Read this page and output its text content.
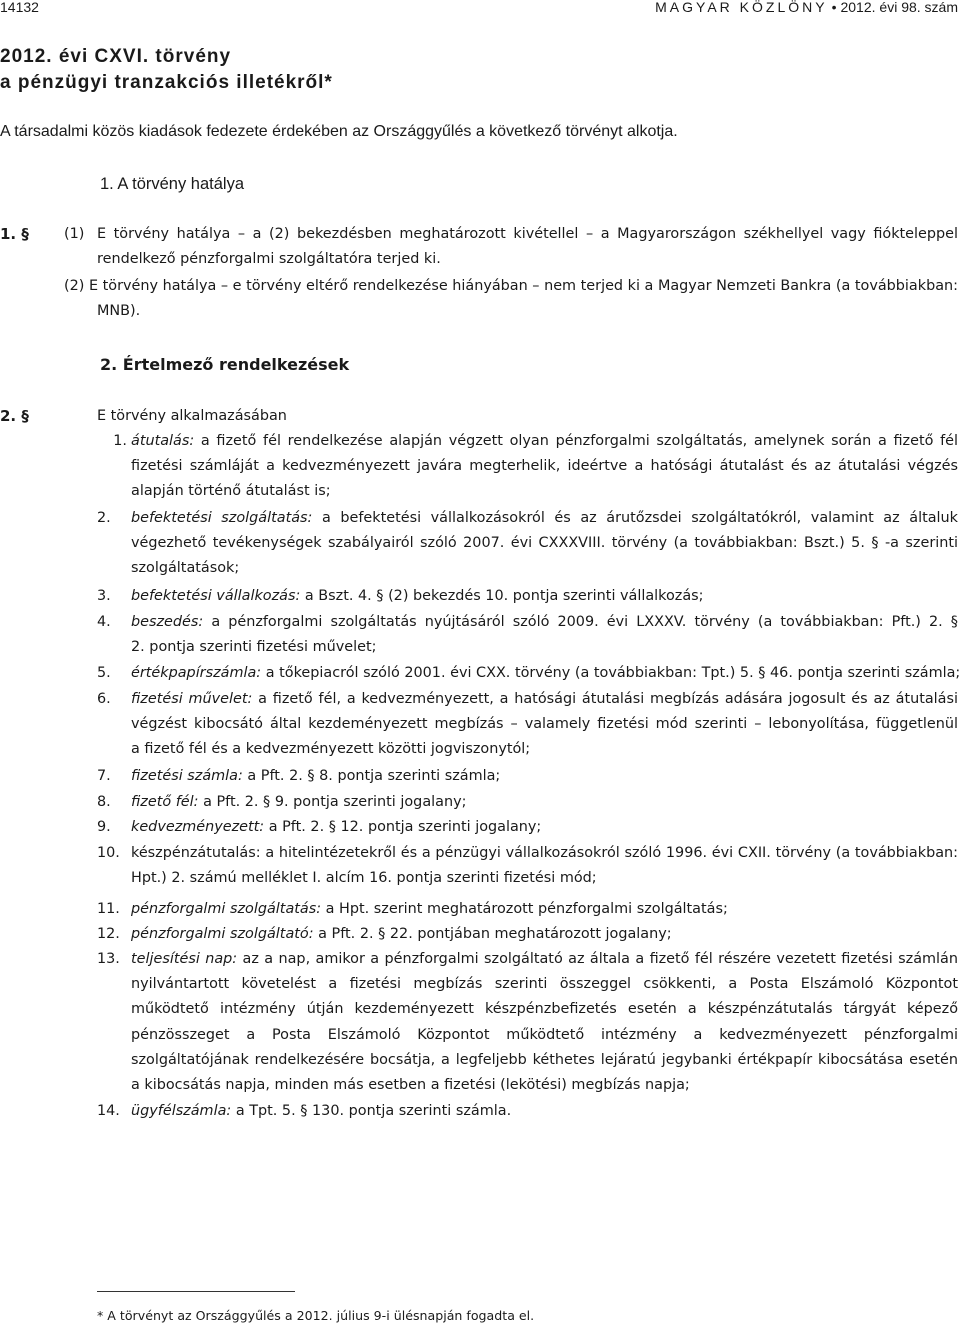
14132	MAGYAR KÖZLÖNY • 2012. évi 98. szám
2012. évi CXVI. törvény
a pénzügyi tranzakciós illetékről*
A társadalmi közös kiadások fedezete érdekében az Országgyűlés a következő törvényt alkotja.
1. A törvény hatálya
1. § (1) E törvény hatálya – a (2) bekezdésben meghatározott kivétellel – a Magyarországon székhellyel vagy fiókteleppel
rendelkező pénzforgalmi szolgáltatóra terjed ki.
(2) E törvény hatálya – e törvény eltérő rendelkezése hiányában – nem terjed ki a Magyar Nemzeti Bankra (a továbbiakban:
MNB).
2. Értelmező rendelkezések
2. §	E törvény alkalmazásában
1. átutalás: a fizető fél rendelkezése alapján végzett olyan pénzforgalmi szolgáltatás, amelynek során a fizető fél
fizetési számláját a kedvezményezett javára megterhelik, ideértve a hatósági átutalást és az átutalási végzés
alapján történő átutalást is;
2. befektetési szolgáltatás: a befektetési vállalkozásokról és az árutőzsdei szolgáltatókról, valamint az általuk
végezhető tevékenységek szabályairól szóló 2007. évi CXXXVIII. törvény (a továbbiakban: Bszt.) 5. § -a szerinti
szolgáltatások;
3. befektetési vállalkozás: a Bszt. 4. § (2) bekezdés 10. pontja szerinti vállalkozás;
4. beszedés: a pénzforgalmi szolgáltatás nyújtásáról szóló 2009. évi LXXXV. törvény (a továbbiakban: Pft.) 2. §
2. pontja szerinti fizetési művelet;
5. értékpapírszámla: a tőkepiacról szóló 2001. évi CXX. törvény (a továbbiakban: Tpt.) 5. § 46. pontja szerinti számla;
6. fizetési művelet: a fizető fél, a kedvezményezett, a hatósági átutalási megbízás adására jogosult és az átutalási
végzést kibocsátó által kezdeményezett megbízás – valamely fizetési mód szerinti – lebonyolítása, függetlenül
a fizető fél és a kedvezményezett közötti jogviszonytól;
7. fizetési számla: a Pft. 2. § 8. pontja szerinti számla;
8. fizető fél: a Pft. 2. § 9. pontja szerinti jogalany;
9. kedvezményezett: a Pft. 2. § 12. pontja szerinti jogalany;
10. készpénzátutalás: a hitelintézetekről és a pénzügyi vállalkozásokról szóló 1996. évi CXII. törvény (a továbbiakban:
Hpt.) 2. számú melléklet I. alcím 16. pontja szerinti fizetési mód;
11. pénzforgalmi szolgáltatás: a Hpt. szerint meghatározott pénzforgalmi szolgáltatás;
12. pénzforgalmi szolgáltató: a Pft. 2. § 22. pontjában meghatározott jogalany;
13. teljesítési nap: az a nap, amikor a pénzforgalmi szolgáltató az általa a fizető fél részére vezetett fizetési számlán
nyilvántartott követelést a fizetési megbízás szerinti összeggel csökkenti, a Posta Elszámoló Központot
működtető intézmény útján kezdeményezett készpénzbefizetés esetén a készpénzátutalás tárgyát képező
pénzösszeget a Posta Elszámoló Központot működtető intézmény a kedvezményezett pénzforgalmi
szolgáltatójának rendelkezésére bocsátja, a legfeljebb kéthetes lejáratú jegybanki értékpapír kibocsátása esetén
a kibocsátás napja, minden más esetben a fizetési (lekötési) megbízás napja;
14. ügyfélszámla: a Tpt. 5. § 130. pontja szerinti számla.
* A törvényt az Országgyűlés a 2012. július 9-i ülésnapján fogadta el.
